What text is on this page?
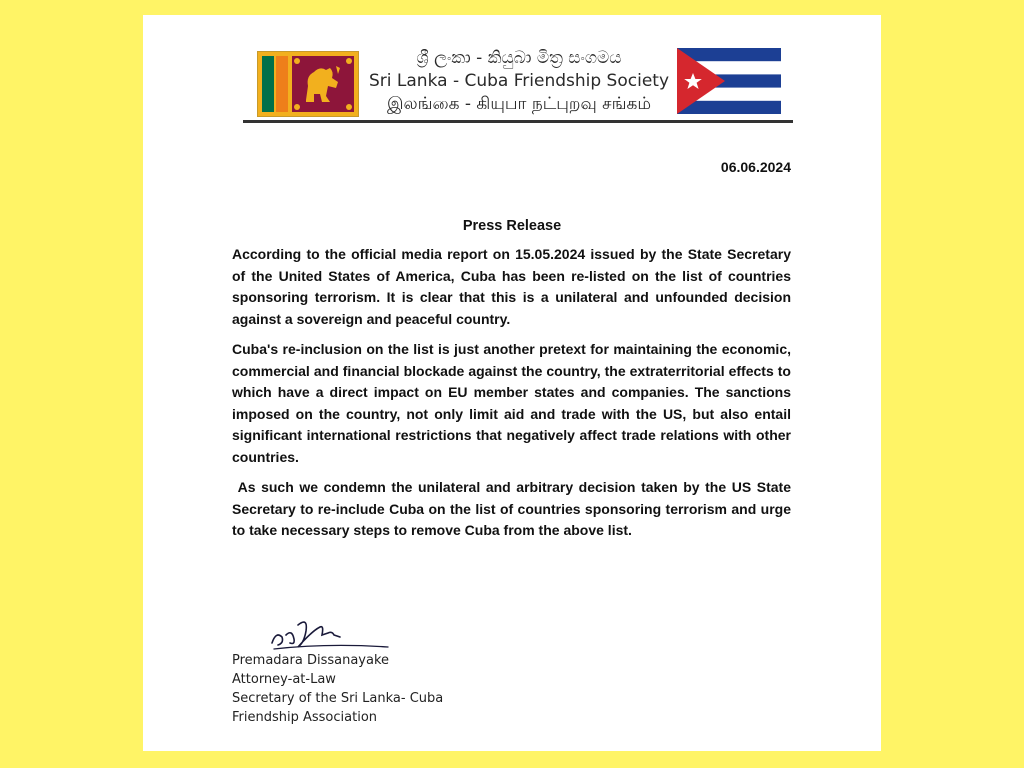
ශ්‍රී ලංකා - කියුබා මිත්‍ර සංගමය
Sri Lanka - Cuba Friendship Society
இலங்கை - கியுபா நட்புறவு சங்கம்
06.06.2024
Press Release

According to the official media report on 15.05.2024 issued by the State Secretary of the United States of America, Cuba has been re-listed on the list of countries sponsoring terrorism. It is clear that this is a unilateral and unfounded decision against a sovereign and peaceful country.

Cuba's re-inclusion on the list is just another pretext for maintaining the economic, commercial and financial blockade against the country, the extraterritorial effects to which have a direct impact on EU member states and companies. The sanctions imposed on the country, not only limit aid and trade with the US, but also entail significant international restrictions that negatively affect trade relations with other countries.

As such we condemn the unilateral and arbitrary decision taken by the US State Secretary to re-include Cuba on the list of countries sponsoring terrorism and urge to take necessary steps to remove Cuba from the above list.

Premadara Dissanayake
Attorney-at-Law
Secretary of the Sri Lanka- Cuba
Friendship Association
